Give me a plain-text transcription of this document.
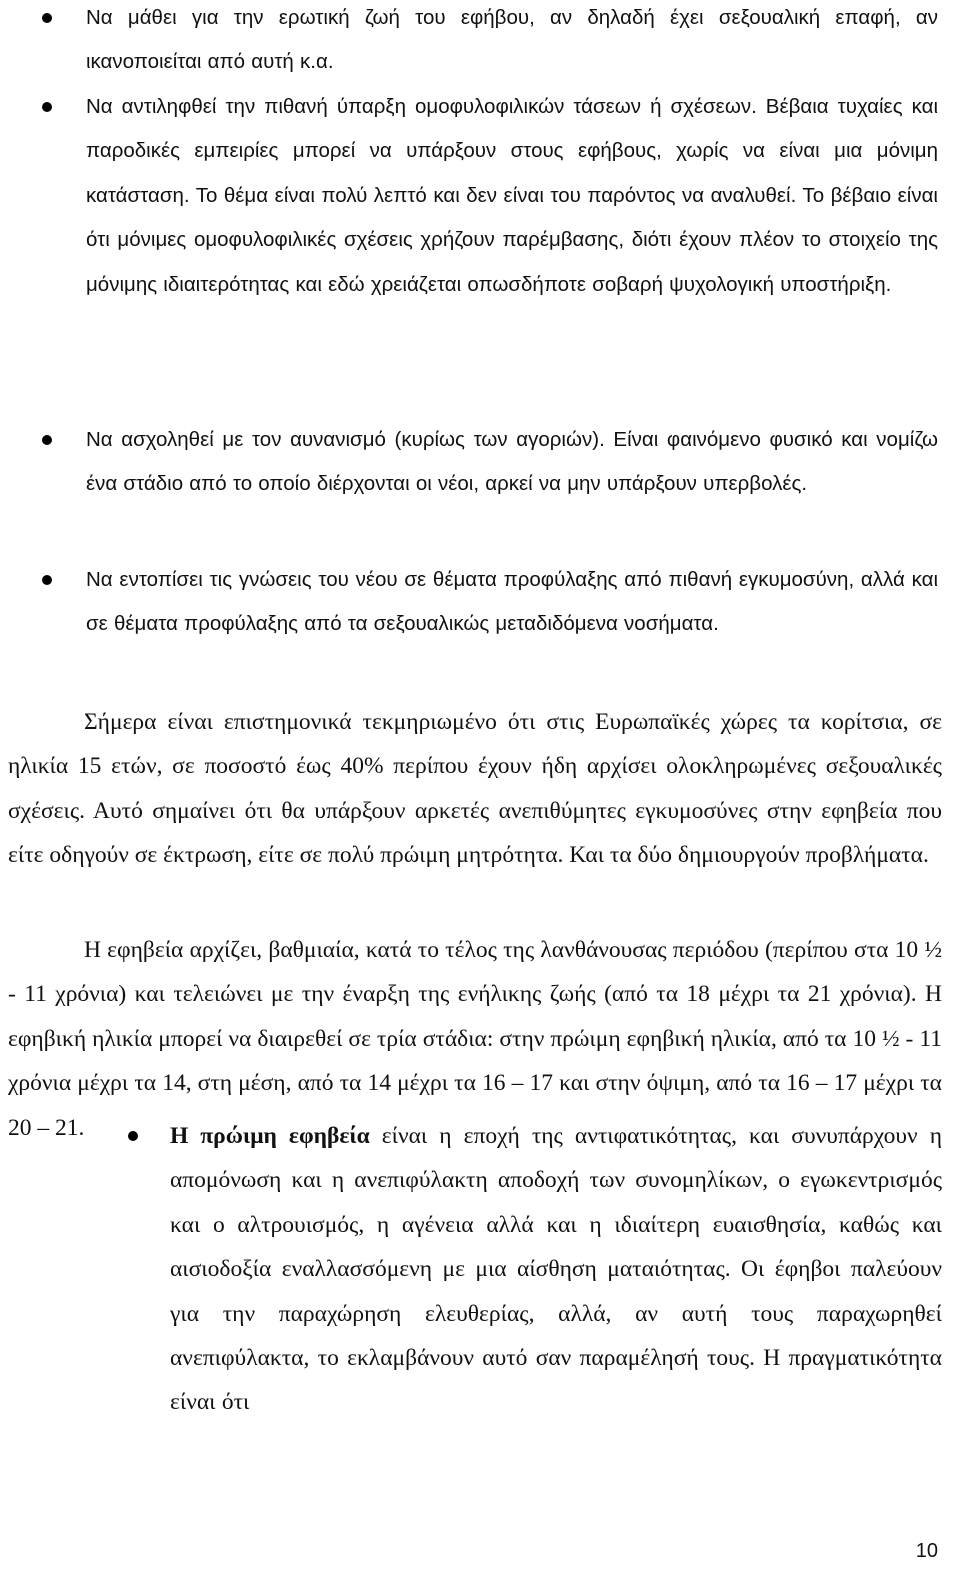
Να μάθει για την ερωτική ζωή του εφήβου, αν δηλαδή έχει σεξουαλική επαφή, αν ικανοποιείται από αυτή κ.α.

Να αντιληφθεί την πιθανή ύπαρξη ομοφυλοφιλικών τάσεων ή σχέσεων. Βέβαια τυχαίες και παροδικές εμπειρίες μπορεί να υπάρξουν στους εφήβους, χωρίς να είναι μια μόνιμη κατάσταση. Το θέμα είναι πολύ λεπτό και δεν είναι του παρόντος να αναλυθεί. Το βέβαιο είναι ότι μόνιμες ομοφυλοφιλικές σχέσεις χρήζουν παρέμβασης, διότι έχουν πλέον το στοιχείο της μόνιμης ιδιαιτερότητας και εδώ χρειάζεται οπωσδήποτε σοβαρή ψυχολογική υποστήριξη.

Να ασχοληθεί με τον αυνανισμό (κυρίως των αγοριών). Είναι φαινόμενο φυσικό και νομίζω ένα στάδιο από το οποίο διέρχονται οι νέοι, αρκεί να μην υπάρξουν υπερβολές.

Να εντοπίσει τις γνώσεις του νέου σε θέματα προφύλαξης από πιθανή εγκυμοσύνη, αλλά και σε θέματα προφύλαξης από τα σεξουαλικώς μεταδιδόμενα νοσήματα.

Σήμερα είναι επιστημονικά τεκμηριωμένο ότι στις Ευρωπαϊκές χώρες τα κορίτσια, σε ηλικία 15 ετών, σε ποσοστό έως 40% περίπου έχουν ήδη αρχίσει ολοκληρωμένες σεξουαλικές σχέσεις. Αυτό σημαίνει ότι θα υπάρξουν αρκετές ανεπιθύμητες εγκυμοσύνες στην εφηβεία που είτε οδηγούν σε έκτρωση, είτε σε πολύ πρώιμη μητρότητα. Και τα δύο δημιουργούν προβλήματα.

Η εφηβεία αρχίζει, βαθμιαία, κατά το τέλος της λανθάνουσας περιόδου (περίπου στα 10 ½ - 11 χρόνια) και τελειώνει με την έναρξη της ενήλικης ζωής (από τα 18 μέχρι τα 21 χρόνια). Η εφηβική ηλικία μπορεί να διαιρεθεί σε τρία στάδια: στην πρώιμη εφηβική ηλικία, από τα 10 ½ - 11 χρόνια μέχρι τα 14, στη μέση, από τα 14 μέχρι τα 16 – 17 και στην όψιμη, από τα 16 – 17 μέχρι τα 20 – 21.	Η πρώιμη εφηβεία είναι η εποχή της αντιφατικότητας, και συνυπάρχουν η απομόνωση και η ανεπιφύλακτη αποδοχή των συνομηλίκων, ο εγωκεντρισμός και ο αλτρουισμός, η αγένεια αλλά και η ιδιαίτερη ευαισθησία, καθώς και αισιοδοξία εναλλασσόμενη με μια αίσθηση ματαιότητας. Οι έφηβοι παλεύουν για την παραχώρηση ελευθερίας, αλλά, αν αυτή τους παραχωρηθεί ανεπιφύλακτα, το εκλαμβάνουν αυτό σαν παραμέλησή τους. Η πραγματικότητα είναι ότι

10
